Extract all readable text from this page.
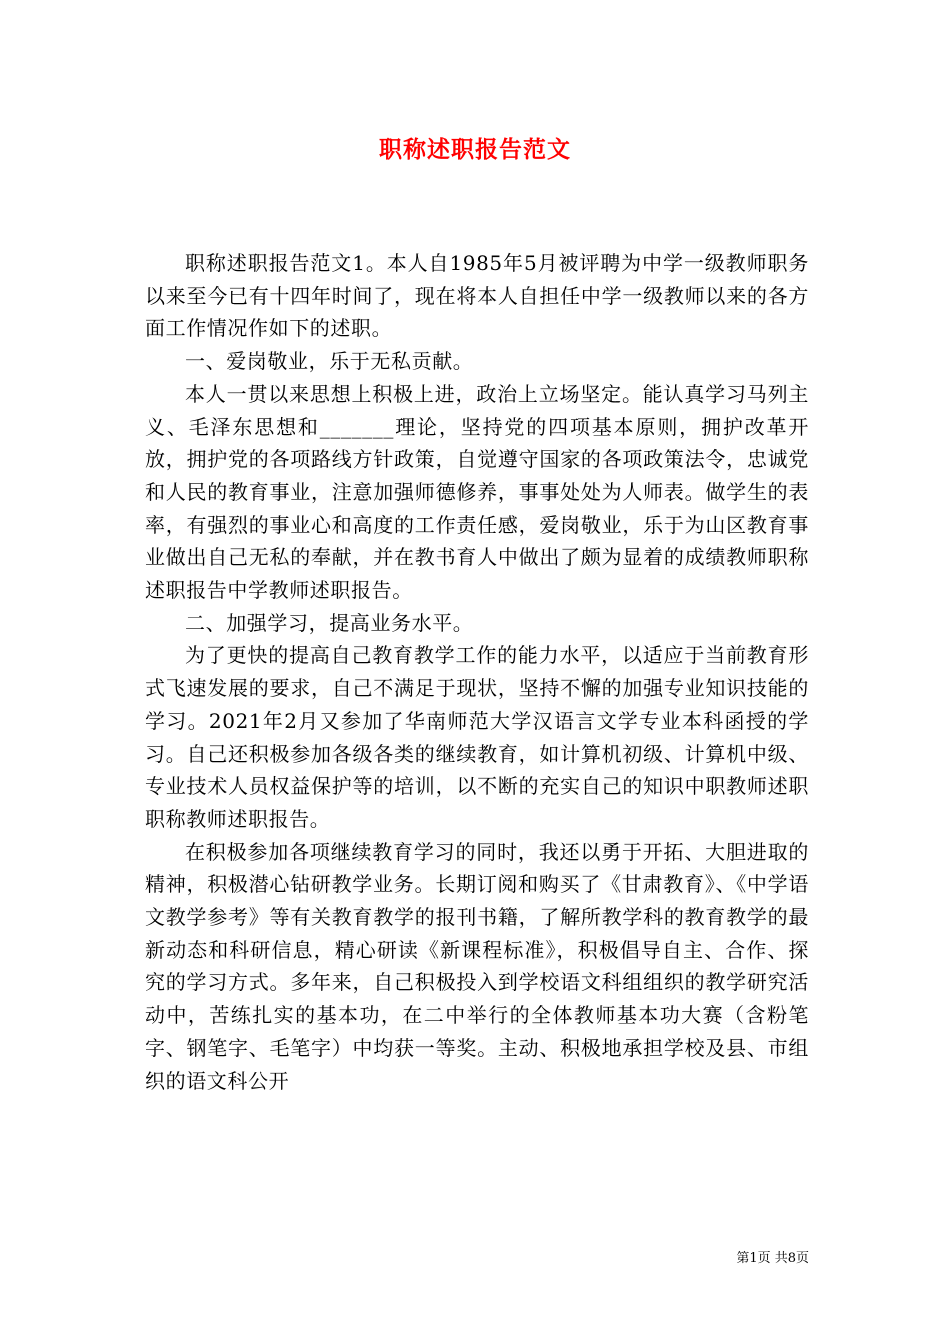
职称述职报告范文

职称述职报告范文1。本人自1985年5月被评聘为中学一级教师职务以来至今已有十四年时间了，现在将本人自担任中学一级教师以来的各方面工作情况作如下的述职。

一、爱岗敬业，乐于无私贡献。

本人一贯以来思想上积极上进，政治上立场坚定。能认真学习马列主义、毛泽东思想和_______理论，坚持党的四项基本原则，拥护改革开放，拥护党的各项路线方针政策，自觉遵守国家的各项政策法令，忠诚党和人民的教育事业，注意加强师德修养，事事处处为人师表。做学生的表率，有强烈的事业心和高度的工作责任感，爱岗敬业，乐于为山区教育事业做出自己无私的奉献，并在教书育人中做出了颇为显着的成绩教师职称述职报告中学教师述职报告。

二、加强学习，提高业务水平。

为了更快的提高自己教育教学工作的能力水平，以适应于当前教育形式飞速发展的要求，自己不满足于现状，坚持不懈的加强专业知识技能的学习。2021年2月又参加了华南师范大学汉语言文学专业本科函授的学习。自己还积极参加各级各类的继续教育，如计算机初级、计算机中级、专业技术人员权益保护等的培训，以不断的充实自己的知识中职教师述职职称教师述职报告。

在积极参加各项继续教育学习的同时，我还以勇于开拓、大胆进取的精神，积极潜心钻研教学业务。长期订阅和购买了《甘肃教育》、《中学语文教学参考》等有关教育教学的报刊书籍，了解所教学科的教育教学的最新动态和科研信息，精心研读《新课程标准》，积极倡导自主、合作、探究的学习方式。多年来，自己积极投入到学校语文科组组织的教学研究活动中，苦练扎实的基本功，在二中举行的全体教师基本功大赛（含粉笔字、钢笔字、毛笔字）中均获一等奖。主动、积极地承担学校及县、市组织的语文科公开

第1页 共8页
